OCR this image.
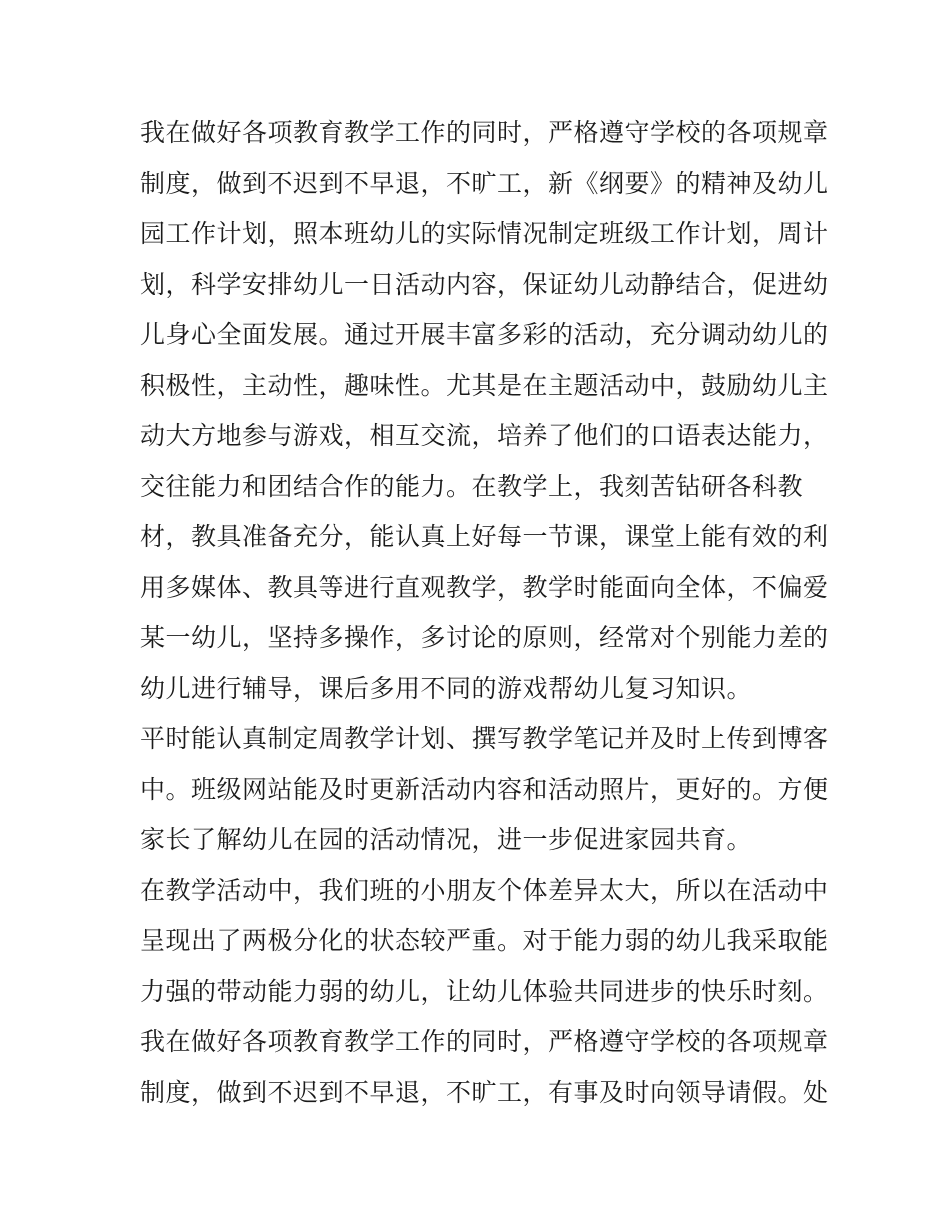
我在做好各项教育教学工作的同时，严格遵守学校的各项规章
制度，做到不迟到不早退，不旷工，新《纲要》的精神及幼儿
园工作计划，照本班幼儿的实际情况制定班级工作计划，周计
划，科学安排幼儿一日活动内容，保证幼儿动静结合，促进幼
儿身心全面发展。通过开展丰富多彩的活动，充分调动幼儿的
积极性，主动性，趣味性。尤其是在主题活动中，鼓励幼儿主
动大方地参与游戏，相互交流，培养了他们的口语表达能力，
交往能力和团结合作的能力。在教学上，我刻苦钻研各科教
材，教具准备充分，能认真上好每一节课，课堂上能有效的利
用多媒体、教具等进行直观教学，教学时能面向全体，不偏爱
某一幼儿，坚持多操作，多讨论的原则，经常对个别能力差的
幼儿进行辅导，课后多用不同的游戏帮幼儿复习知识。
平时能认真制定周教学计划、撰写教学笔记并及时上传到博客
中。班级网站能及时更新活动内容和活动照片，更好的。方便
家长了解幼儿在园的活动情况，进一步促进家园共育。
在教学活动中，我们班的小朋友个体差异太大，所以在活动中
呈现出了两极分化的状态较严重。对于能力弱的幼儿我采取能
力强的带动能力弱的幼儿，让幼儿体验共同进步的快乐时刻。
我在做好各项教育教学工作的同时，严格遵守学校的各项规章
制度，做到不迟到不早退，不旷工，有事及时向领导请假。处
